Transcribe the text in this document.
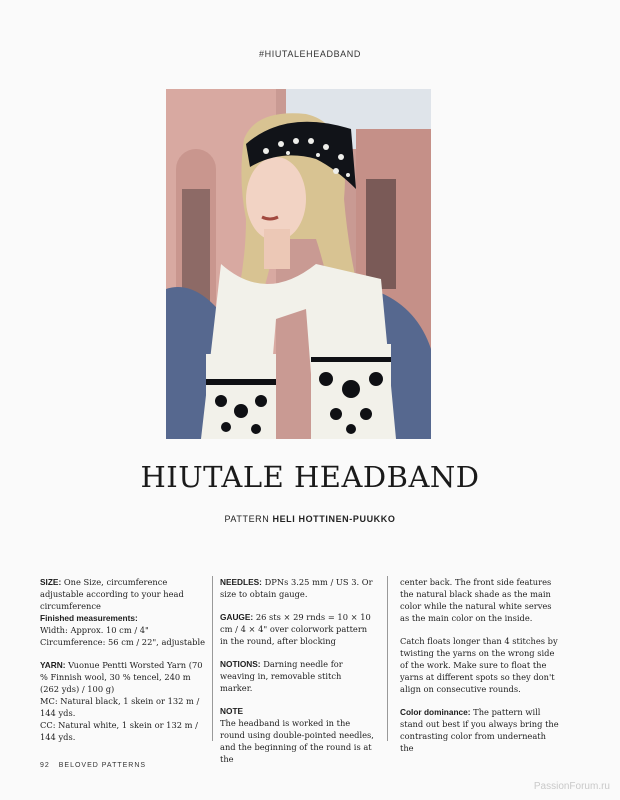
#HIUTALEHEADBAND
HIUTALE HEADBAND
PATTERN HELI HOTTINEN-PUUKKO

SIZE: One Size, circumference adjustable according to your head circumference
Finished measurements:
Width: Approx. 10 cm / 4"
Circumference: 56 cm / 22", adjustable

YARN: Vuonue Pentti Worsted Yarn (70 % Finnish wool, 30 % tencel, 240 m (262 yds) / 100 g)
MC: Natural black, 1 skein or 132 m / 144 yds.
CC: Natural white, 1 skein or 132 m / 144 yds.

NEEDLES: DPNs 3.25 mm / US 3. Or size to obtain gauge.

GAUGE: 26 sts × 29 rnds = 10 × 10 cm / 4 × 4" over colorwork pattern in the round, after blocking

NOTIONS: Darning needle for weaving in, removable stitch marker.

NOTE
The headband is worked in the round using double-pointed needles, and the beginning of the round is at the

center back. The front side features the natural black shade as the main color while the natural white serves as the main color on the inside.

Catch floats longer than 4 stitches by twisting the yarns on the wrong side of the work. Make sure to float the yarns at different spots so they don't align on consecutive rounds.

Color dominance: The pattern will stand out best if you always bring the contrasting color from underneath the

92 BELOVED PATTERNS
PassionForum.ru
